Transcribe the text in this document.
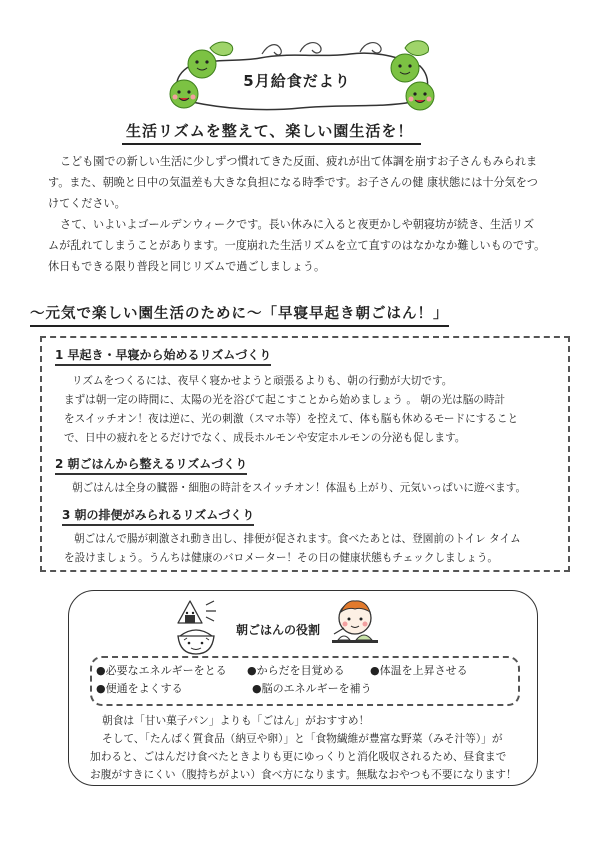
5月給食だより
生活リズムを整えて、楽しい園生活を！

こども園での新しい生活に少しずつ慣れてきた反面、疲れが出て体調を崩すお子さんもみられま

す。また、朝晩と日中の気温差も大きな負担になる時季です。お子さんの健 康状態には十分気をつ

けてください。

さて、いよいよゴールデンウィークです。長い休みに入ると夜更かしや朝寝坊が続き、生活リズ

ムが乱れてしまうことがあります。一度崩れた生活リズムを立て直すのはなかなか難しいものです。

休日もできる限り普段と同じリズムで過ごしましょう。

～元気で楽しい園生活のために～「早寝早起き朝ごはん！」
1 早起き・早寝から始めるリズムづくり

リズムをつくるには、夜早く寝かせようと頑張るよりも、朝の行動が大切です。

まずは朝一定の時間に、太陽の光を浴びて起こすことから始めましょう 。 朝の光は脳の時計

をスイッチオン！夜は逆に、光の刺激（スマホ等）を控えて、体も脳も休めるモードにすること

で、日中の疲れをとるだけでなく、成長ホルモンや安定ホルモンの分泌も促します。

2 朝ごはんから整えるリズムづくり

朝ごはんは全身の臓器・細胞の時計をスイッチオン！体温も上がり、元気いっぱいに遊べます。

3 朝の排便がみられるリズムづくり

朝ごはんで腸が刺激され動き出し、排便が促されます。食べたあとは、登園前のトイレ タイム

を設けましょう。うんちは健康のバロメーター！その日の健康状態もチェックしましょう。

朝ごはんの役割
●必要なエネルギーをとる ●からだを目覚める ●体温を上昇させる
●便通をよくする	●脳のエネルギーを補う

朝食は「甘い菓子パン」よりも「ごはん」がおすすめ！

そして、「たんぱく質食品（納豆や卵）」と「食物繊維が豊富な野菜（みそ汁等）」が

加わると、ごはんだけ食べたときよりも更にゆっくりと消化吸収されるため、昼食まで

お腹がすきにくい（腹持ちがよい）食べ方になります。無駄なおやつも不要になります！
